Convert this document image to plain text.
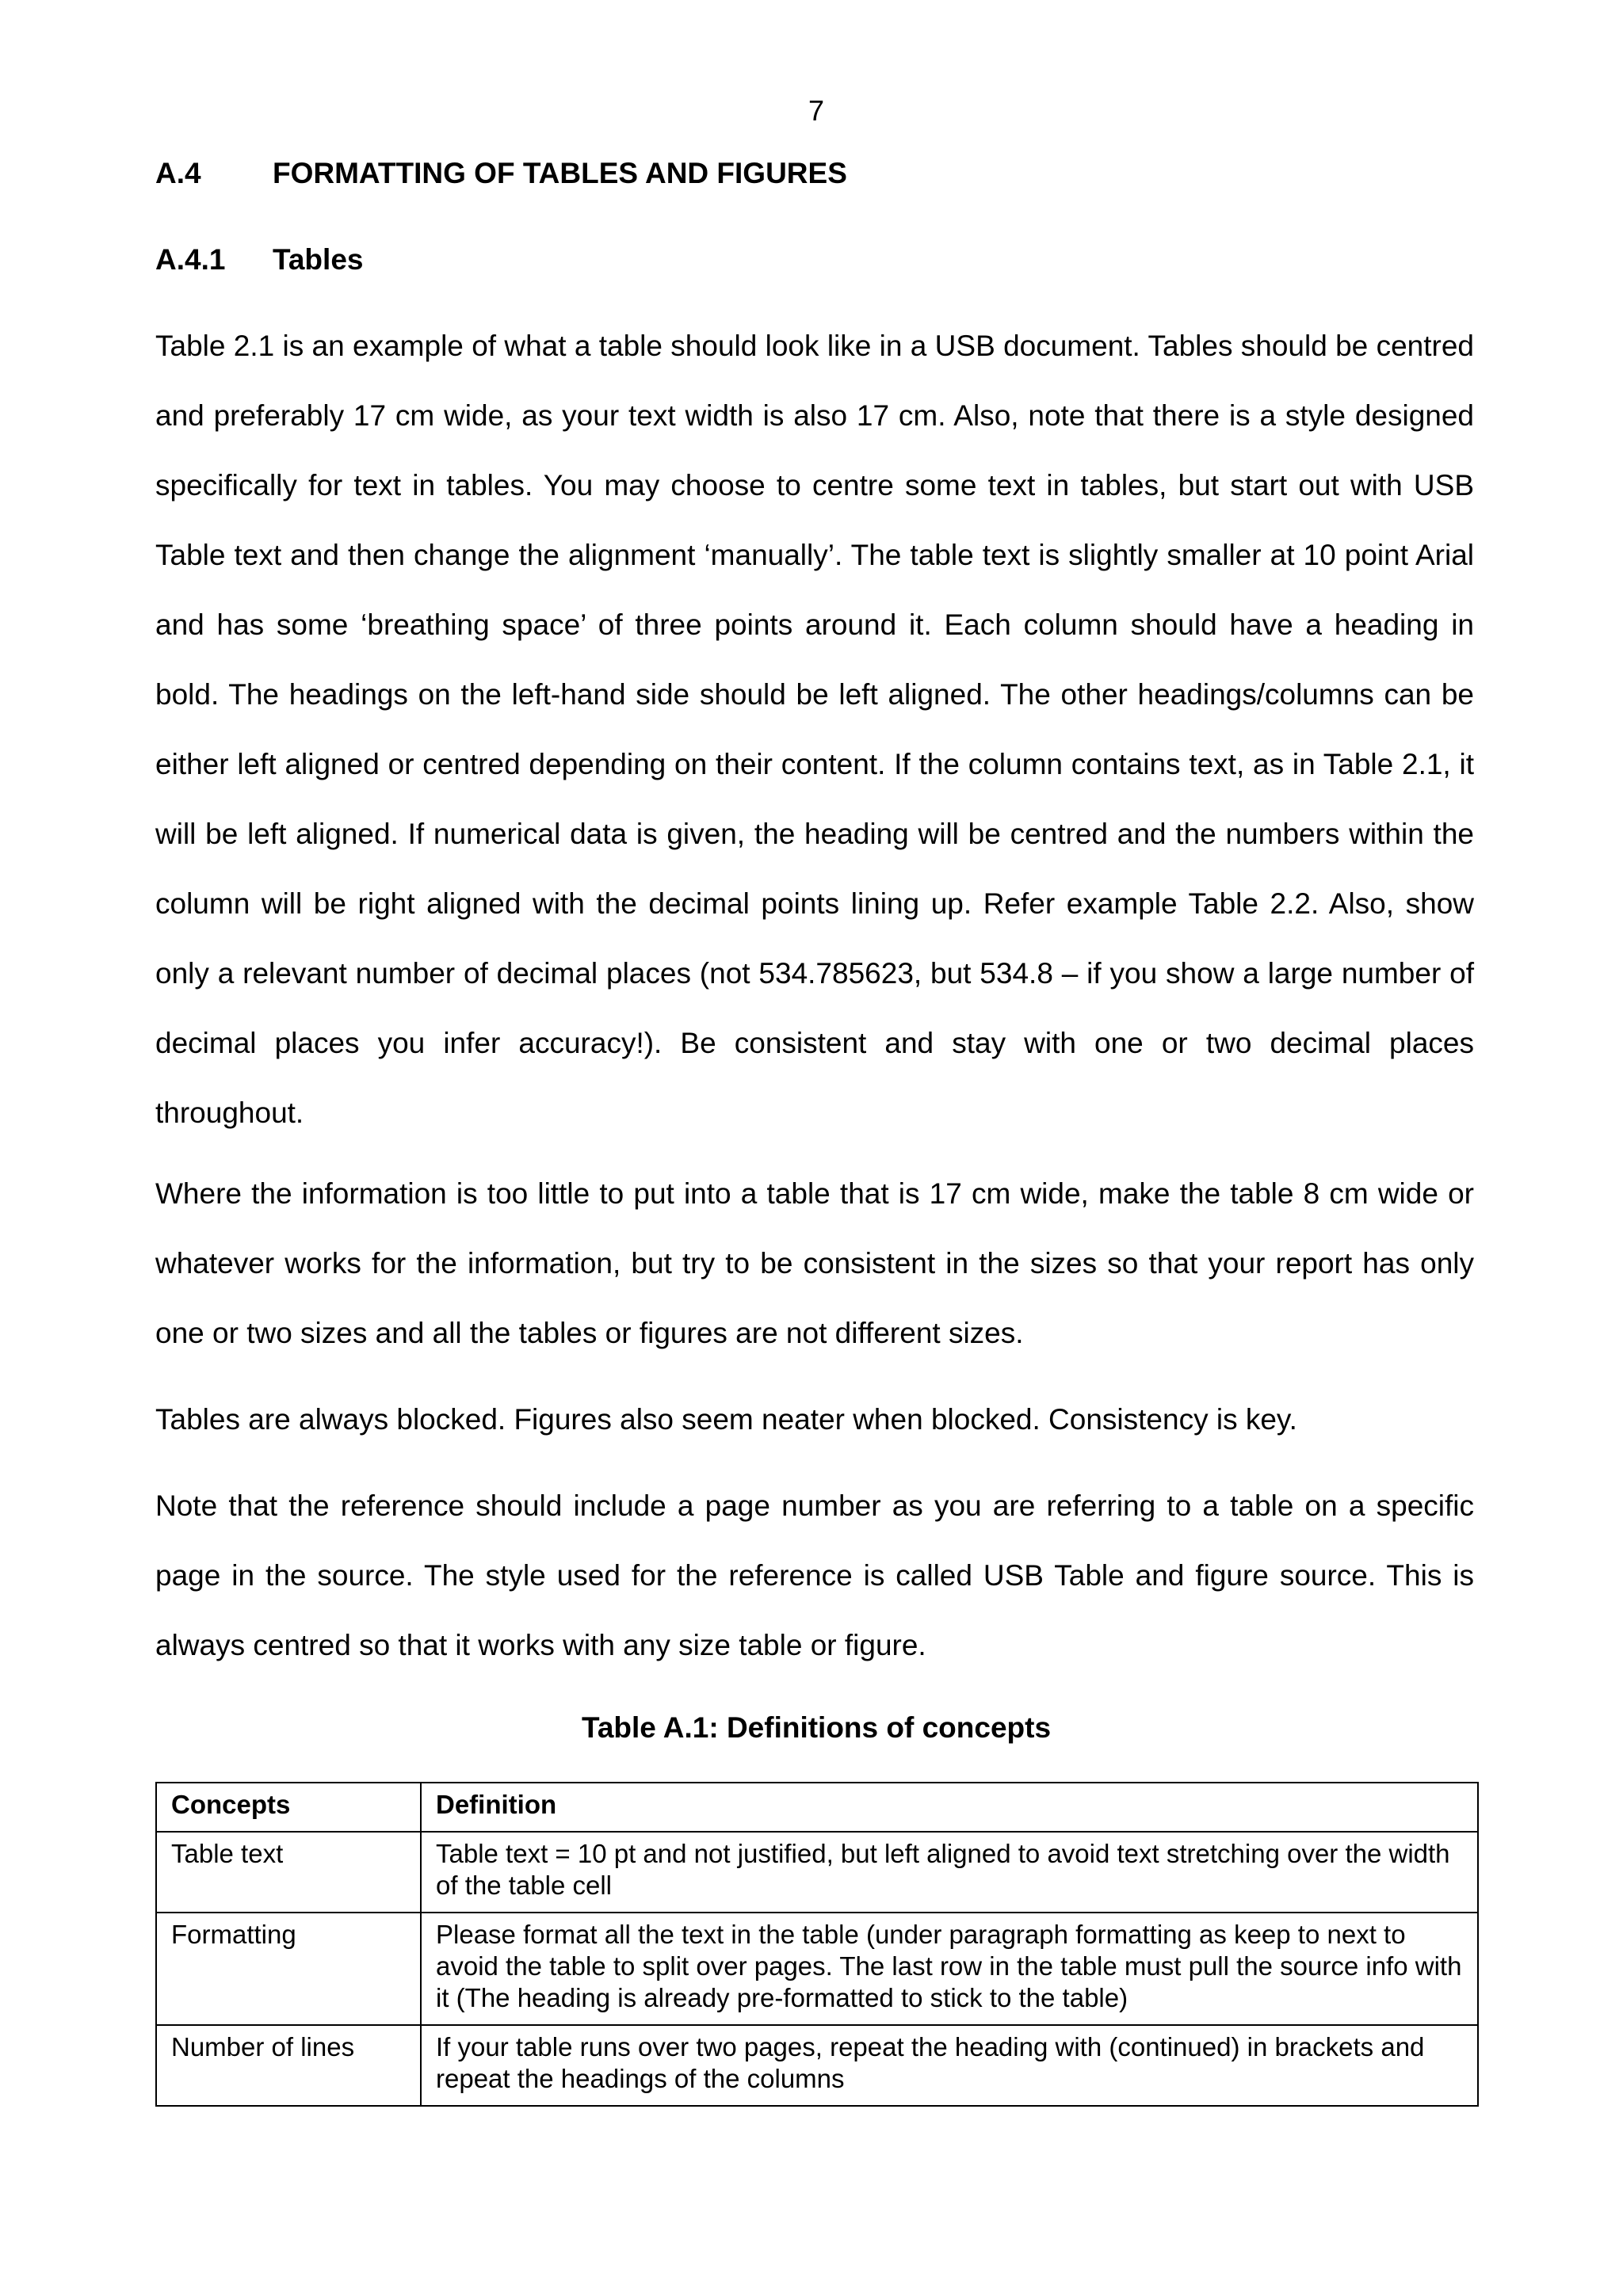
7
A.4 FORMATTING OF TABLES AND FIGURES
A.4.1 Tables

Table 2.1 is an example of what a table should look like in a USB document. Tables should be centred and preferably 17 cm wide, as your text width is also 17 cm. Also, note that there is a style designed specifically for text in tables. You may choose to centre some text in tables, but start out with USB Table text and then change the alignment ‘manually’. The table text is slightly smaller at 10 point Arial and has some ‘breathing space’ of three points around it. Each column should have a heading in bold. The headings on the left-hand side should be left aligned. The other headings/columns can be either left aligned or centred depending on their content. If the column contains text, as in Table 2.1, it will be left aligned. If numerical data is given, the heading will be centred and the numbers within the column will be right aligned with the decimal points lining up. Refer example Table 2.2. Also, show only a relevant number of decimal places (not 534.785623, but 534.8 – if you show a large number of decimal places you infer accuracy!). Be consistent and stay with one or two decimal places throughout.

Where the information is too little to put into a table that is 17 cm wide, make the table 8 cm wide or whatever works for the information, but try to be consistent in the sizes so that your report has only one or two sizes and all the tables or figures are not different sizes.

Tables are always blocked. Figures also seem neater when blocked. Consistency is key.

Note that the reference should include a page number as you are referring to a table on a specific page in the source. The style used for the reference is called USB Table and figure source. This is always centred so that it works with any size table or figure.

Table A.1: Definitions of concepts
Concepts	Definition
Table text	Table text = 10 pt and not justified, but left aligned to avoid text stretching over the width of the table cell
Formatting	Please format all the text in the table (under paragraph formatting as keep to next to avoid the table to split over pages. The last row in the table must pull the source info with it (The heading is already pre-formatted to stick to the table)
Number of lines	If your table runs over two pages, repeat the heading with (continued) in brackets and repeat the headings of the columns
